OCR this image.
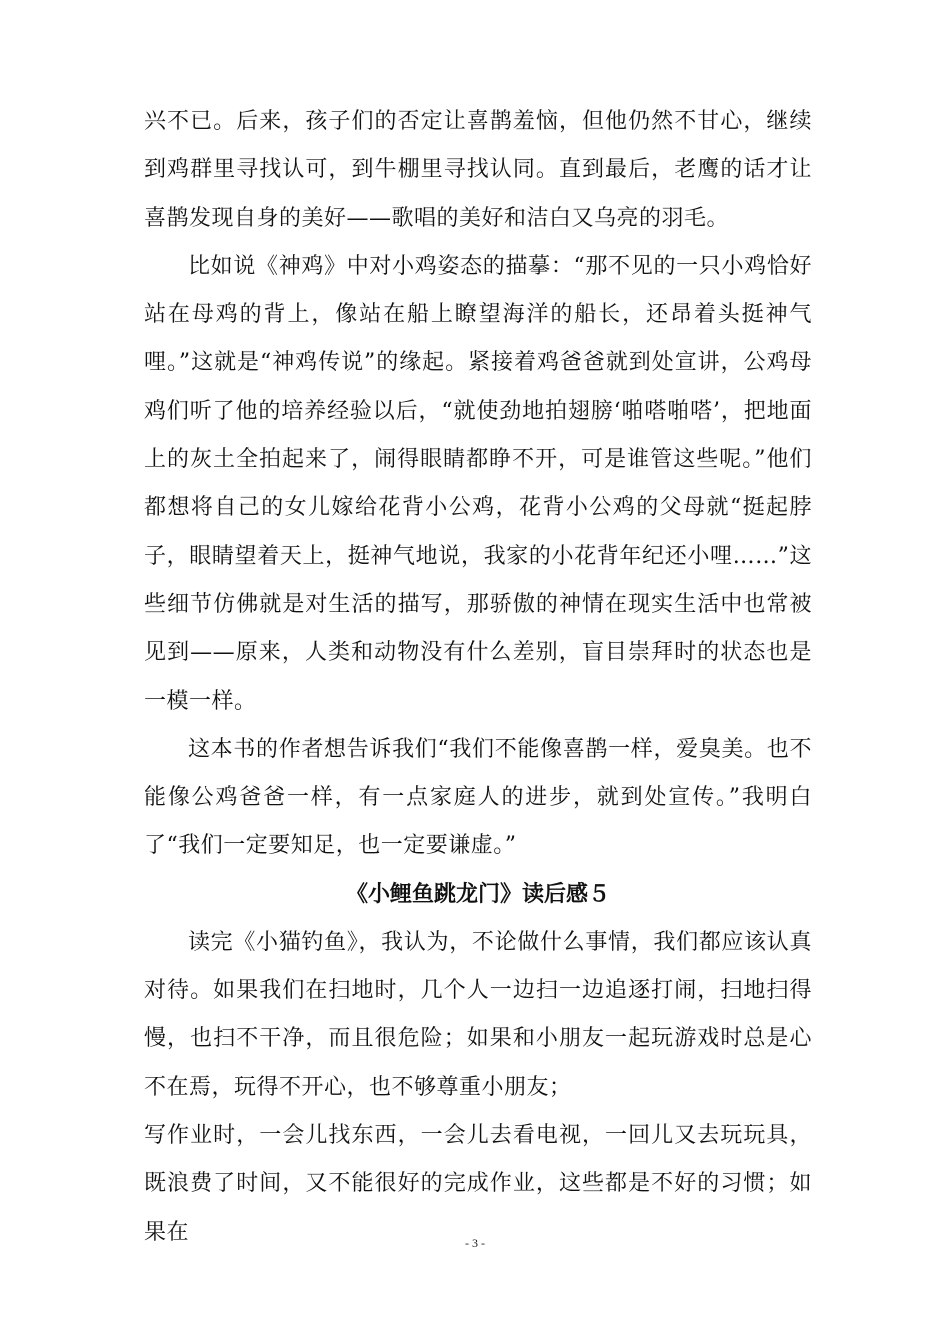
兴不已。后来，孩子们的否定让喜鹊羞恼，但他仍然不甘心，继续到鸡群里寻找认可，到牛棚里寻找认同。直到最后，老鹰的话才让喜鹊发现自身的美好——歌唱的美好和洁白又乌亮的羽毛。

比如说《神鸡》中对小鸡姿态的描摹：“那不见的一只小鸡恰好站在母鸡的背上，像站在船上瞭望海洋的船长，还昂着头挺神气哩。”这就是“神鸡传说”的缘起。紧接着鸡爸爸就到处宣讲，公鸡母鸡们听了他的培养经验以后，“就使劲地拍翅膀‘啪嗒啪嗒’，把地面上的灰土全拍起来了，闹得眼睛都睁不开，可是谁管这些呢。”他们都想将自己的女儿嫁给花背小公鸡，花背小公鸡的父母就“挺起脖子，眼睛望着天上，挺神气地说，我家的小花背年纪还小哩……”这些细节仿佛就是对生活的描写，那骄傲的神情在现实生活中也常被见到——原来，人类和动物没有什么差别，盲目崇拜时的状态也是一模一样。

这本书的作者想告诉我们“我们不能像喜鹊一样，爱臭美。也不能像公鸡爸爸一样，有一点家庭人的进步，就到处宣传。”我明白了“我们一定要知足，也一定要谦虚。”

《小鲤鱼跳龙门》读后感５

读完《小猫钓鱼》，我认为，不论做什么事情，我们都应该认真对待。如果我们在扫地时，几个人一边扫一边追逐打闹，扫地扫得慢，也扫不干净，而且很危险；如果和小朋友一起玩游戏时总是心不在焉，玩得不开心，也不够尊重小朋友；

写作业时，一会儿找东西，一会儿去看电视，一回儿又去玩玩具，既浪费了时间，又不能很好的完成作业，这些都是不好的习惯；如果在	- 3 -
